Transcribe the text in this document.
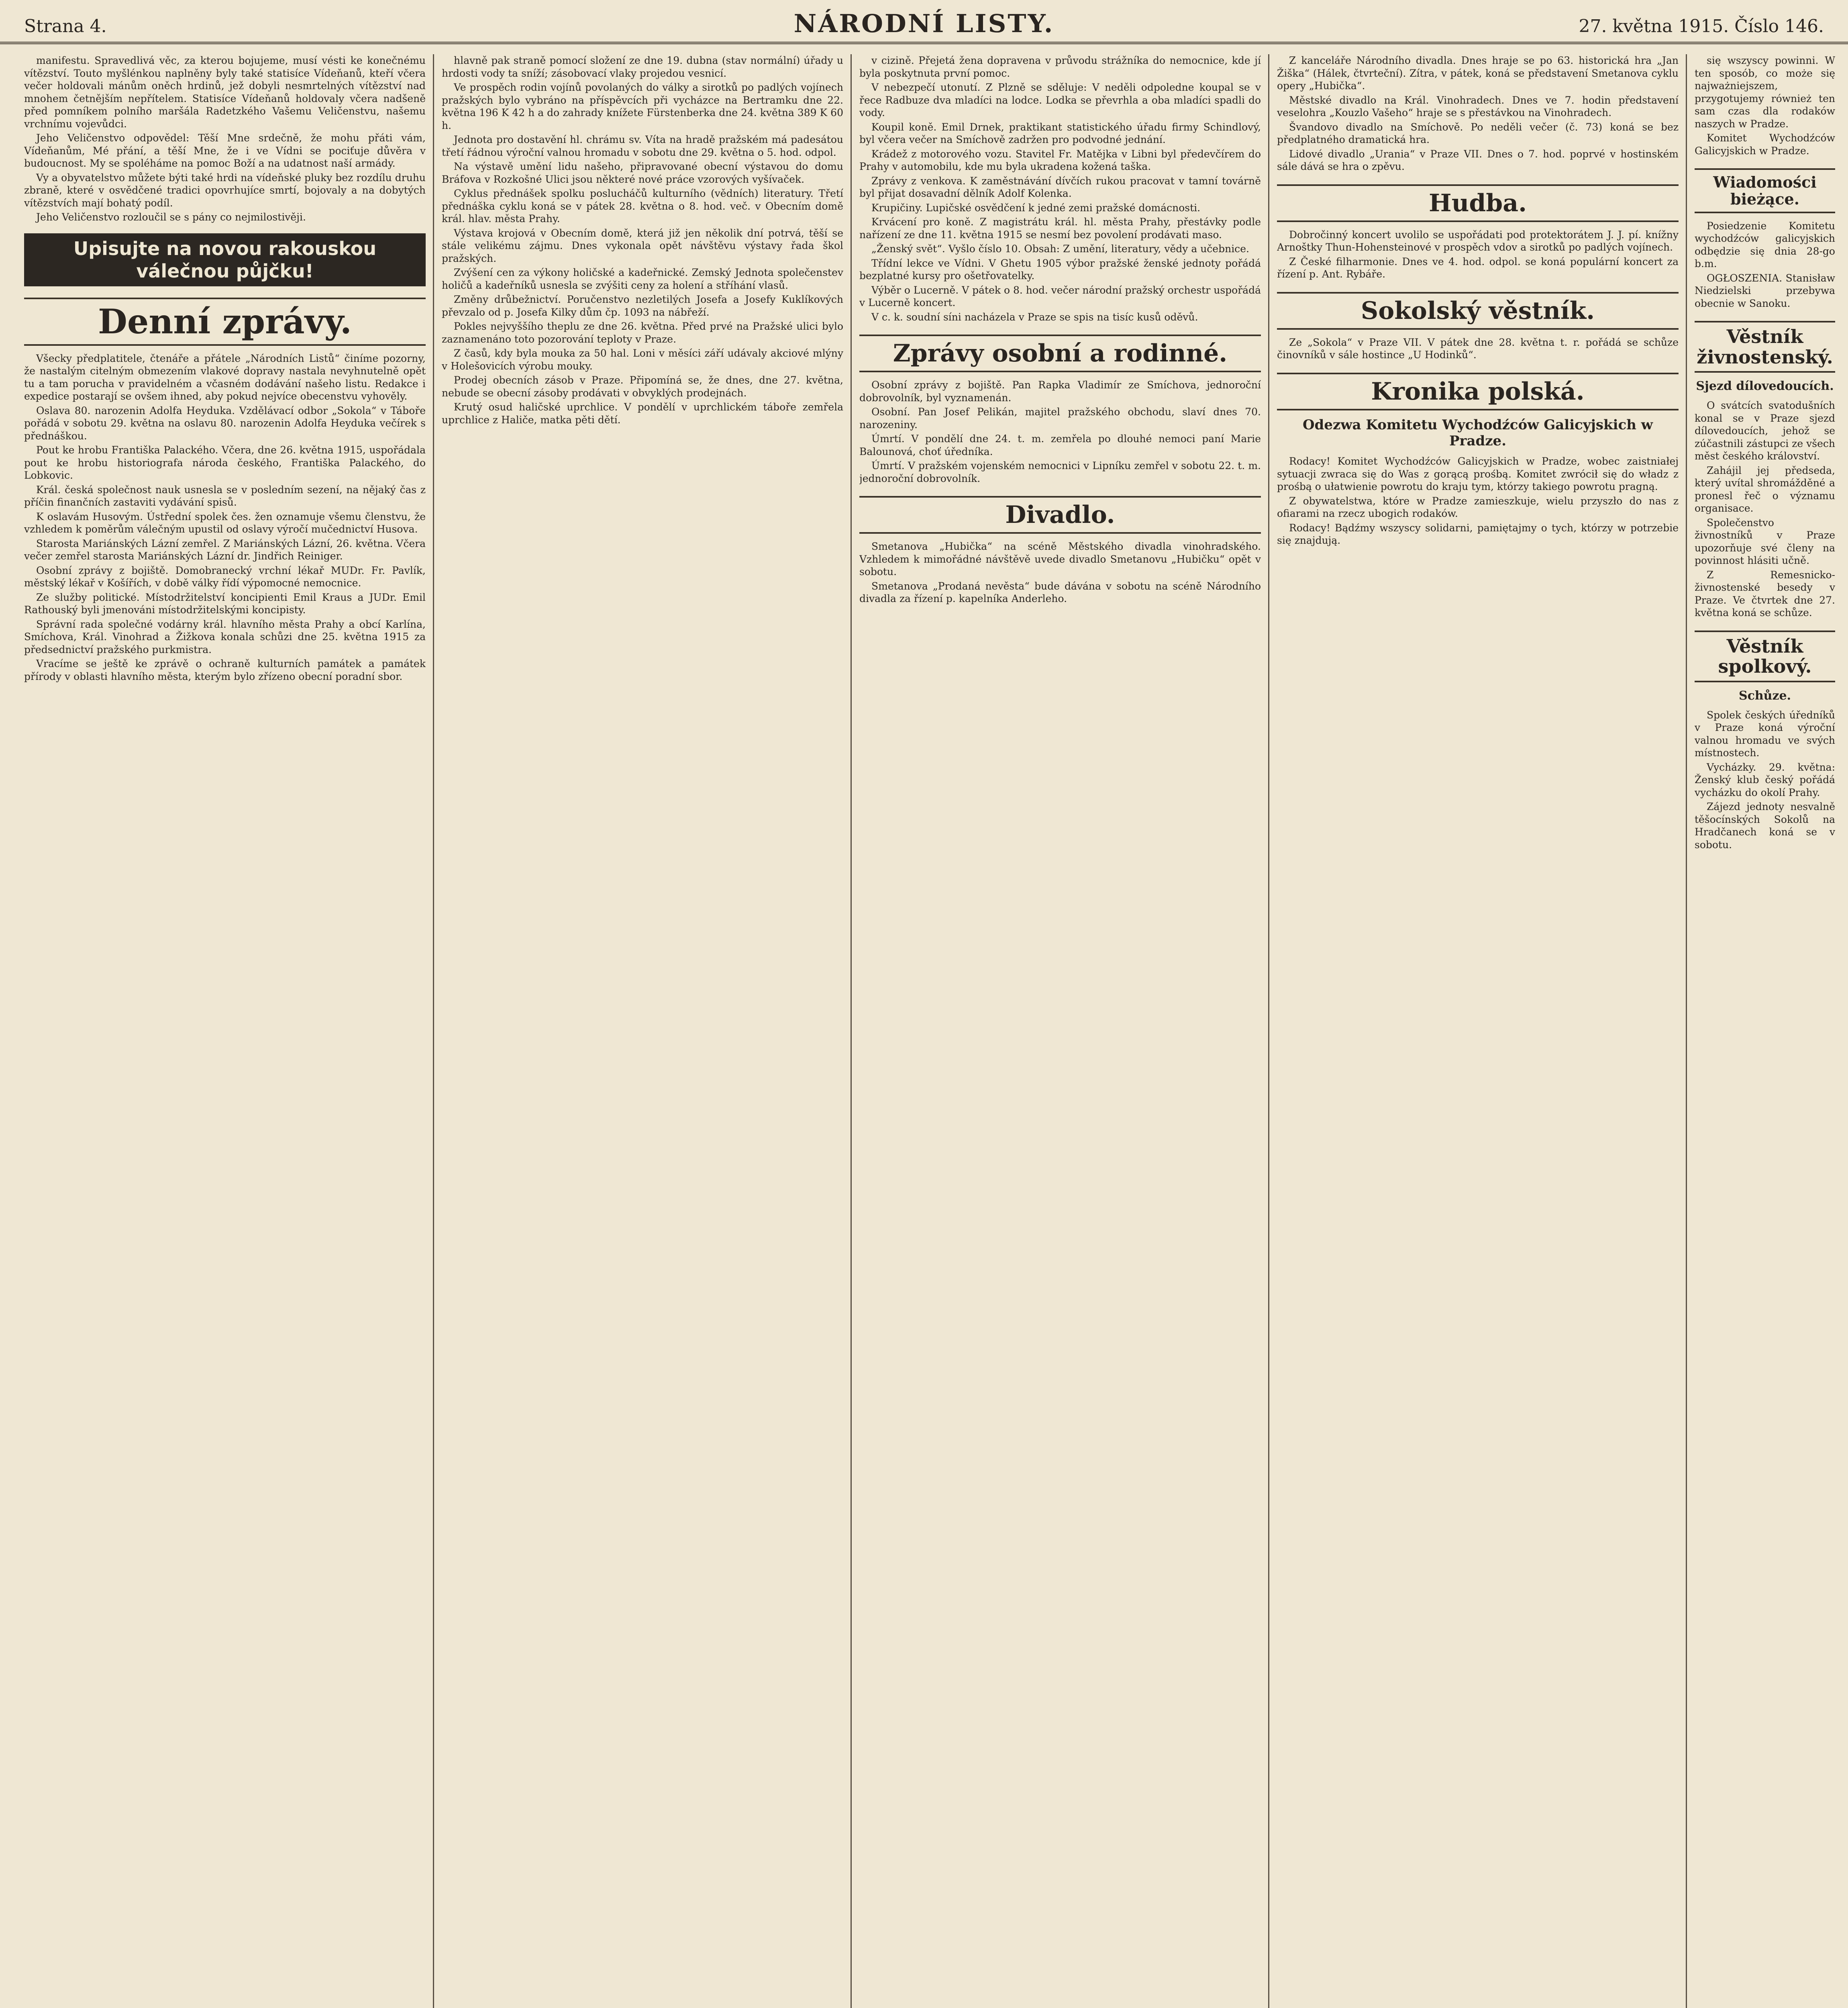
Strana 4.	NÁRODNÍ LISTY.	27. května 1915. Číslo 146.

manifestu. Spravedlivá věc, za kterou bojujeme, musí vésti ke konečnému vítězství. Touto myšlénkou naplněny byly také statisíce Vídeňanů, kteří včera večer holdovali mánům oněch hrdinů, jež dobyli nesmrtelných vítězství nad mnohem četnějším nepřítelem. Statisíce Vídeňanů holdovaly včera nadšeně před pomníkem polního maršála Radetzkého Vašemu Veličenstvu, našemu vrchnímu vojevůdci.

Jeho Veličenstvo odpovědel: Těší Mne srdečně, že mohu přáti vám, Vídeňanům, Mé přání, a těší Mne, že i ve Vídni se pociťuje důvěra v budoucnost. My se spoléháme na pomoc Boží a na udatnost naší armády.

Vy a obyvatelstvo můžete býti také hrdi na vídeňské pluky bez rozdílu druhu zbraně, které v osvědčené tradici opovrhujíce smrtí, bojovaly a na dobytých vítězstvích mají bohatý podíl.

Jeho Veličenstvo rozloučil se s pány co nejmilostivěji.

Upisujte na novou rakouskou válečnou půjčku!
Denní zprávy.

Všecky předplatitele, čtenáře a přátele „Národních Listů“ činíme pozorny, že nastalým citelným obmezením vlakové dopravy nastala nevyhnutelně opět tu a tam porucha v pravidelném a včasném dodávání našeho listu. Redakce i expedice postarají se ovšem ihned, aby pokud nejvíce obecenstvu vyhověly.

Oslava 80. narozenin Adolfa Heyduka. Vzdělávací odbor „Sokola“ v Táboře pořádá v sobotu 29. května na oslavu 80. narozenin Adolfa Heyduka večírek s přednáškou.

Pout ke hrobu Františka Palackého. Včera, dne 26. května 1915, uspořádala pout ke hrobu historiografa národa českého, Františka Palackého, do Lobkovic.

Král. česká společnost nauk usnesla se v posledním sezení, na nějaký čas z příčin finančních zastaviti vydávání spisů.

K oslavám Husovým. Ústřední spolek čes. žen oznamuje všemu členstvu, že vzhledem k poměrům válečným upustil od oslavy výročí mučednictví Husova.

Starosta Mariánských Lázní zemřel. Z Mariánských Lázní, 26. května. Včera večer zemřel starosta Mariánských Lázní dr. Jindřich Reiniger.

Osobní zprávy z bojiště. Domobranecký vrchní lékař MUDr. Fr. Pavlík, městský lékař v Košířích, v době války řídí výpomocné nemocnice.

Ze služby politické. Místodržitelství koncipienti Emil Kraus a JUDr. Emil Rathouský byli jmenováni místodržitelskými koncipisty.

Správní rada společné vodárny král. hlavního města Prahy a obcí Karlína, Smíchova, Král. Vinohrad a Žižkova konala schůzi dne 25. května 1915 za předsednictví pražského purkmistra.

Vracíme se ještě ke zprávě o ochraně kulturních památek a památek přírody v oblasti hlavního města, kterým bylo zřízeno obecní poradní sbor.

hlavně pak straně pomocí složení ze dne 19. dubna (stav normální) úřady u hrdosti vody ta sníží; zásobovací vlaky projedou vesnicí.

Ve prospěch rodin vojínů povolaných do války a sirotků po padlých vojínech pražských bylo vybráno na příspěvcích při vycházce na Bertramku dne 22. května 196 K 42 h a do zahrady knížete Fürstenberka dne 24. května 389 K 60 h.

Jednota pro dostavění hl. chrámu sv. Víta na hradě pražském má padesátou třetí řádnou výroční valnou hromadu v sobotu dne 29. května o 5. hod. odpol.

Na výstavě umění lidu našeho, připravované obecní výstavou do domu Bráfova v Rozkošné Ulici jsou některé nové práce vzorových vyšívaček.

Cyklus přednášek spolku poslucháčů kulturního (vědních) literatury. Třetí přednáška cyklu koná se v pátek 28. května o 8. hod. več. v Obecním domě král. hlav. města Prahy.

Výstava krojová v Obecním domě, která již jen několik dní potrvá, těší se stále velikému zájmu. Dnes vykonala opět návštěvu výstavy řada škol pražských.

Zvýšení cen za výkony holičské a kadeřnické. Zemský Jednota společenstev holičů a kadeřníků usnesla se zvýšiti ceny za holení a stříhání vlasů.

Změny drůbežnictví. Poručenstvo nezletilých Josefa a Josefy Kuklíkových převzalo od p. Josefa Kilky dům čp. 1093 na nábřeží.

Pokles nejvyššího theplu ze dne 26. května. Před prvé na Pražské ulici bylo zaznamenáno toto pozorování teploty v Praze.

Z časů, kdy byla mouka za 50 hal. Loni v měsíci září udávaly akciové mlýny v Holešovicích výrobu mouky.

Prodej obecních zásob v Praze. Připomíná se, že dnes, dne 27. května, nebude se obecní zásoby prodávati v obvyklých prodejnách.

Krutý osud haličské uprchlice. V pondělí v uprchlickém táboře zemřela uprchlice z Haliče, matka pěti dětí.

v cizině. Přejetá žena dopravena v průvodu strážníka do nemocnice, kde jí byla poskytnuta první pomoc.

V nebezpečí utonutí. Z Plzně se sděluje: V neděli odpoledne koupal se v řece Radbuze dva mladíci na lodce. Lodka se převrhla a oba mladíci spadli do vody.

Koupil koně. Emil Drnek, praktikant statistického úřadu firmy Schindlový, byl včera večer na Smíchově zadržen pro podvodné jednání.

Krádež z motorového vozu. Stavitel Fr. Matějka v Libni byl předevčírem do Prahy v automobilu, kde mu byla ukradena kožená taška.

Zprávy z venkova. K zaměstnávání dívčích rukou pracovat v tamní továrně byl přijat dosavadní dělník Adolf Kolenka.

Krupičiny. Lupičské osvědčení k jedné zemi pražské domácnosti.

Krvácení pro koně. Z magistrátu král. hl. města Prahy, přestávky podle nařízení ze dne 11. května 1915 se nesmí bez povolení prodávati maso.

„Ženský svět“. Vyšlo číslo 10. Obsah: Z umění, literatury, vědy a učebnice.

Třídní lekce ve Vídni. V Ghetu 1905 výbor pražské ženské jednoty pořádá bezplatné kursy pro ošetřovatelky.

Výběr o Lucerně. V pátek o 8. hod. večer národní pražský orchestr uspořádá v Lucerně koncert.

V c. k. soudní síni nacházela v Praze se spis na tisíc kusů oděvů.

Zprávy osobní a rodinné.

Osobní zprávy z bojiště. Pan Rapka Vladimír ze Smíchova, jednoroční dobrovolník, byl vyznamenán.

Osobní. Pan Josef Pelikán, majitel pražského obchodu, slaví dnes 70. narozeniny.

Úmrtí. V pondělí dne 24. t. m. zemřela po dlouhé nemoci paní Marie Balounová, choť úředníka.

Úmrtí. V pražském vojenském nemocnici v Lipníku zemřel v sobotu 22. t. m. jednoroční dobrovolník.

Divadlo.

Smetanova „Hubička“ na scéně Městského divadla vinohradského. Vzhledem k mimořádné návštěvě uvede divadlo Smetanovu „Hubičku“ opět v sobotu.

Smetanova „Prodaná nevěsta“ bude dávána v sobotu na scéně Národního divadla za řízení p. kapelníka Anderleho.

Z kanceláře Národního divadla. Dnes hraje se po 63. historická hra „Jan Žiška“ (Hálek, čtvrteční). Zítra, v pátek, koná se představení Smetanova cyklu opery „Hubička“.

Městské divadlo na Král. Vinohradech. Dnes ve 7. hodin představení veselohra „Kouzlo Vašeho“ hraje se s přestávkou na Vinohradech.

Švandovo divadlo na Smíchově. Po neděli večer (č. 73) koná se bez předplatného dramatická hra.

Lidové divadlo „Urania“ v Praze VII. Dnes o 7. hod. poprvé v hostinském sále dává se hra o zpěvu.

Hudba.

Dobročinný koncert uvolilo se uspořádati pod protektorátem J. J. pí. knížny Arnoštky Thun-Hohensteinové v prospěch vdov a sirotků po padlých vojínech.

Z České filharmonie. Dnes ve 4. hod. odpol. se koná populární koncert za řízení p. Ant. Rybáře.

Sokolský věstník.

Ze „Sokola“ v Praze VII. V pátek dne 28. května t. r. pořádá se schůze činovníků v sále hostince „U Hodinků“.

Kronika polská.
Odezwa Komitetu Wychodźców Galicyjskich w Pradze.

Rodacy! Komitet Wychodźców Galicyjskich w Pradze, wobec zaistniałej sytuacji zwraca się do Was z gorącą prośbą. Komitet zwrócił się do władz z prośbą o ułatwienie powrotu do kraju tym, którzy takiego powrotu pragną.

Z obywatelstwa, które w Pradze zamieszkuje, wielu przyszło do nas z ofiarami na rzecz ubogich rodaków.

Rodacy! Bądźmy wszyscy solidarni, pamiętajmy o tych, którzy w potrzebie się znajdują.

się wszyscy powinni. W ten sposób, co może się najważniejszem, przygotujemy również ten sam czas dla rodaków naszych w Pradze.

Komitet Wychodźców Galicyjskich w Pradze.

Wiadomości bieżące.

Posiedzenie Komitetu wychodźców galicyjskich odbędzie się dnia 28-go b.m.

OGŁOSZENIA. Stanisław Niedzielski przebywa obecnie w Sanoku.

Věstník živnostenský.
Sjezd dílovedoucích.

O svátcích svatodušních konal se v Praze sjezd dílovedoucích, jehož se zúčastnili zástupci ze všech měst českého království.

Zahájil jej předseda, který uvítal shromážděné a pronesl řeč o významu organisace.

Společenstvo živnostníků v Praze upozorňuje své členy na povinnost hlásiti učně.

Z Remesnicko-živnostenské besedy v Praze. Ve čtvrtek dne 27. května koná se schůze.

Věstník spolkový.
Schůze.

Spolek českých úředníků v Praze koná výroční valnou hromadu ve svých místnostech.

Vycházky. 29. května: Ženský klub český pořádá vycházku do okolí Prahy.

Zájezd jednoty nesvalně těšocínských Sokolů na Hradčanech koná se v sobotu.
